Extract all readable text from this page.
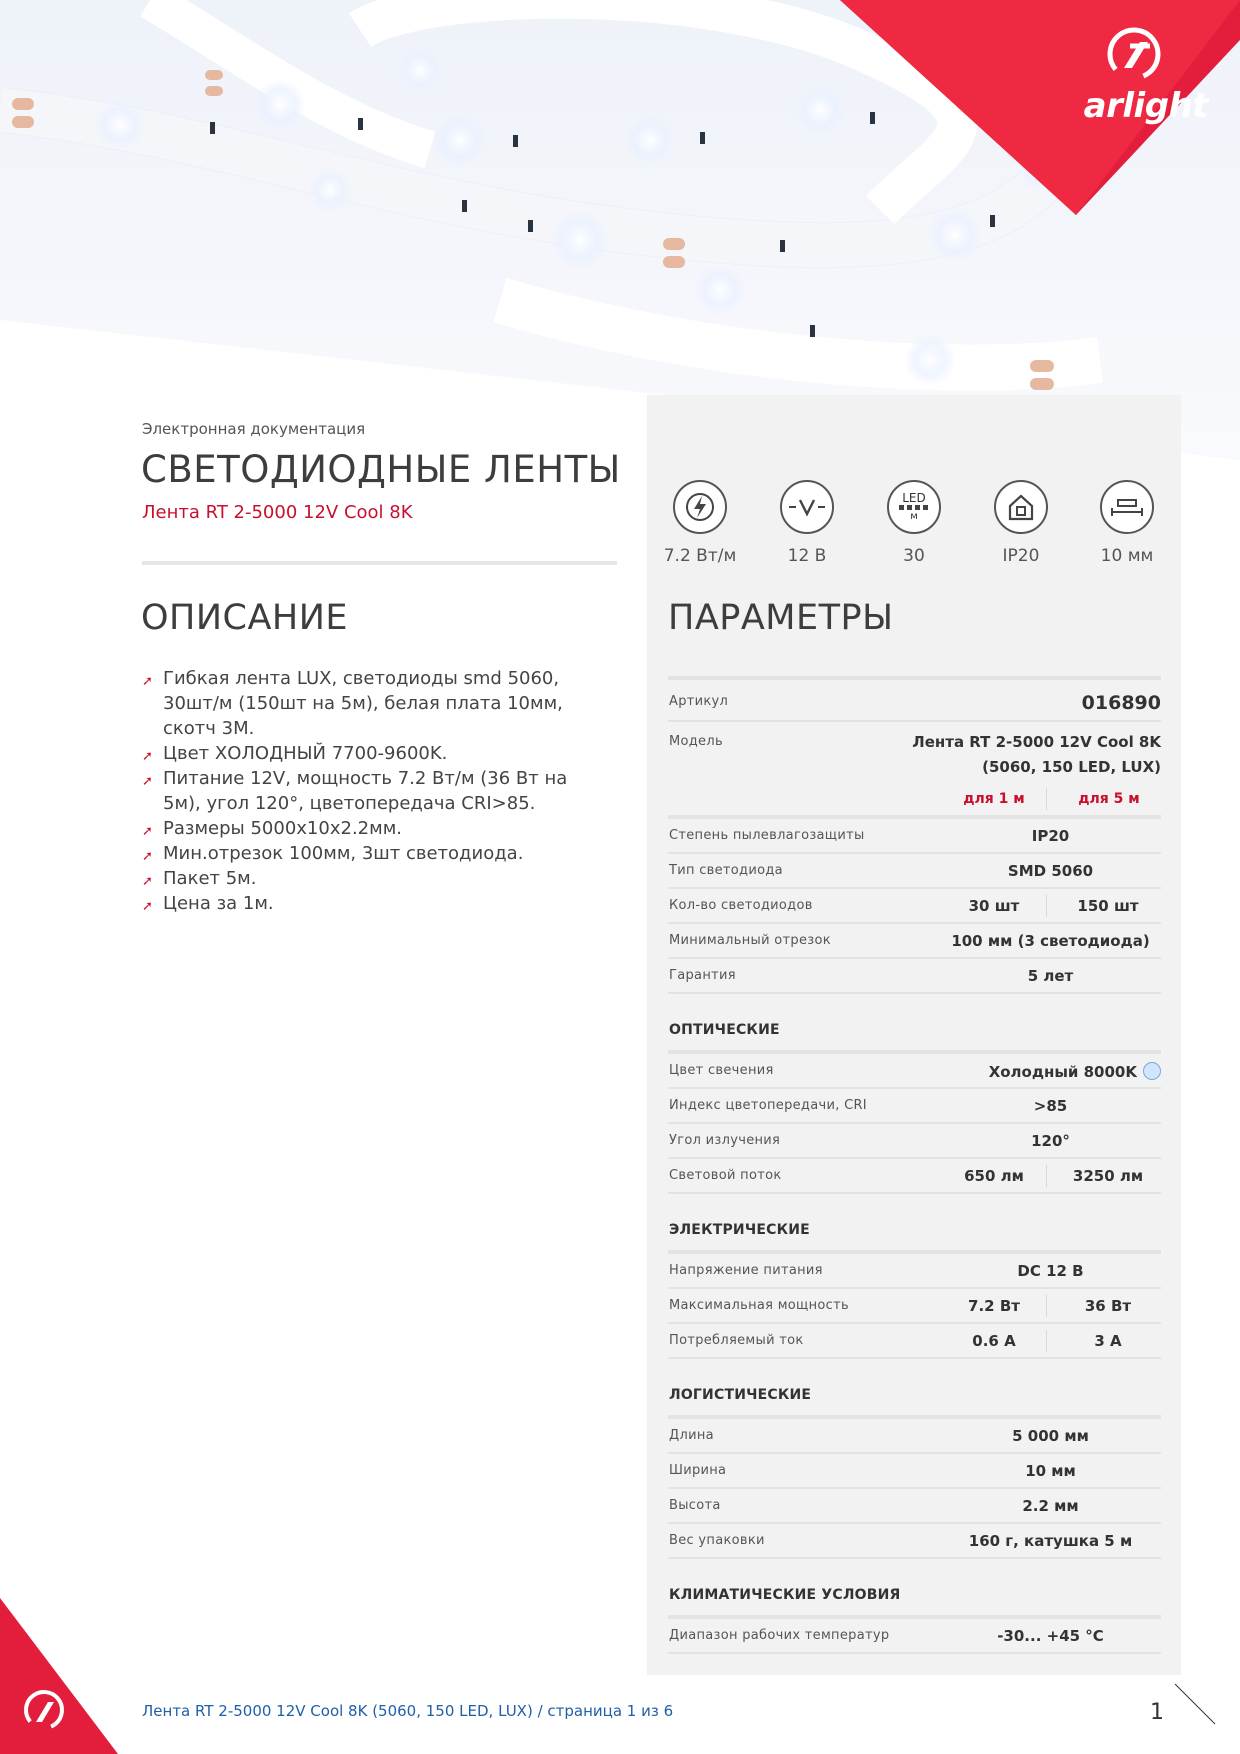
arlight
Электронная документация
СВЕТОДИОДНЫЕ ЛЕНТЫ
Лента RT 2-5000 12V Cool 8K
7.2 Вт/м	12 В
LED
м
30	IP20	10 мм
ОПИСАНИЕ	ПАРАМЕТРЫ
➚ Гибкая лента LUX, светодиоды smd 5060, 30шт/м (150шт на 5м), белая плата 10мм, скотч 3М.
➚ Цвет ХОЛОДНЫЙ 7700-9600K.
➚ Питание 12V, мощность 7.2 Вт/м (36 Вт на 5м), угол 120°, цветопередача CRI>85.
➚ Размеры 5000x10x2.2мм.
➚ Мин.отрезок 100мм, 3шт светодиода.
➚ Пакет 5м.
➚ Цена за 1м.
Артикул	016890
Модель	Лента RT 2-5000 12V Cool 8K
(5060, 150 LED, LUX)
для 1 м	для 5 м
Степень пылевлагозащиты	IP20
Тип светодиода	SMD 5060
Кол-во светодиодов	30 шт	150 шт
Минимальный отрезок	100 мм (3 светодиода)
Гарантия	5 лет
ОПТИЧЕСКИЕ
Цвет свечения	Холодный 8000K
Индекс цветопередачи, CRI	>85
Угол излучения	120°
Световой поток	650 лм	3250 лм
ЭЛЕКТРИЧЕСКИЕ
Напряжение питания	DC 12 В
Максимальная мощность	7.2 Вт	36 Вт
Потребляемый ток	0.6 А	3 А
ЛОГИСТИЧЕСКИЕ
Длина	5 000 мм
Ширина	10 мм
Высота	2.2 мм
Вес упаковки	160 г, катушка 5 м
КЛИМАТИЧЕСКИЕ УСЛОВИЯ
Диапазон рабочих температур	-30... +45 °С
Лента RT 2-5000 12V Cool 8K (5060, 150 LED, LUX) / страница 1 из 6	1
